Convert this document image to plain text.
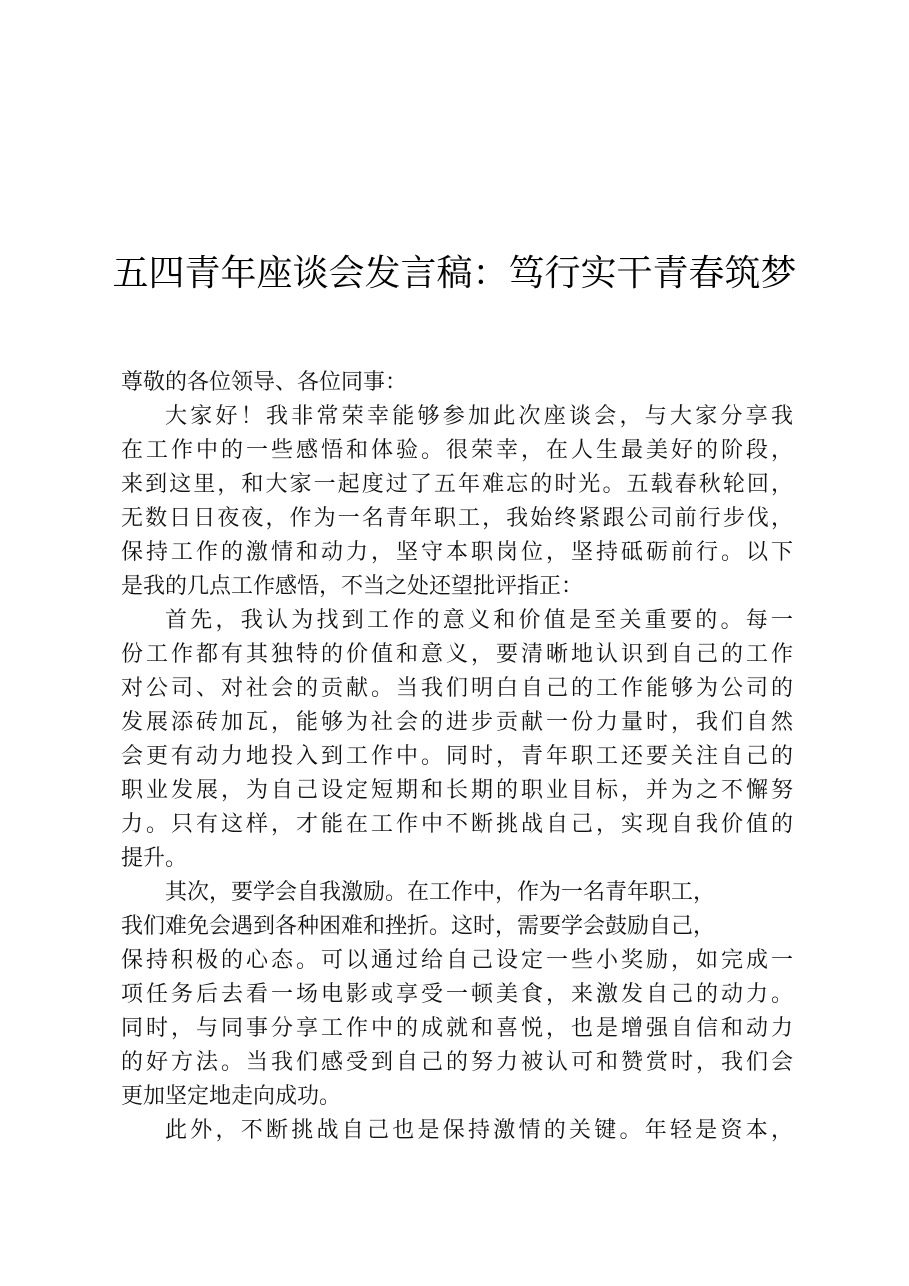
五四青年座谈会发言稿：笃行实干青春筑梦
尊敬的各位领导、各位同事：
大家好！我非常荣幸能够参加此次座谈会，与大家分享我
在工作中的一些感悟和体验。很荣幸，在人生最美好的阶段，
来到这里，和大家一起度过了五年难忘的时光。五载春秋轮回，
无数日日夜夜，作为一名青年职工，我始终紧跟公司前行步伐，
保持工作的激情和动力，坚守本职岗位，坚持砥砺前行。以下
是我的几点工作感悟，不当之处还望批评指正：
首先，我认为找到工作的意义和价值是至关重要的。每一
份工作都有其独特的价值和意义，要清晰地认识到自己的工作
对公司、对社会的贡献。当我们明白自己的工作能够为公司的
发展添砖加瓦，能够为社会的进步贡献一份力量时，我们自然
会更有动力地投入到工作中。同时，青年职工还要关注自己的
职业发展，为自己设定短期和长期的职业目标，并为之不懈努
力。只有这样，才能在工作中不断挑战自己，实现自我价值的
提升。
其次，要学会自我激励。在工作中，作为一名青年职工，
我们难免会遇到各种困难和挫折。这时，需要学会鼓励自己，
保持积极的心态。可以通过给自己设定一些小奖励，如完成一
项任务后去看一场电影或享受一顿美食，来激发自己的动力。
同时，与同事分享工作中的成就和喜悦，也是增强自信和动力
的好方法。当我们感受到自己的努力被认可和赞赏时，我们会
更加坚定地走向成功。
此外，不断挑战自己也是保持激情的关键。年轻是资本，
